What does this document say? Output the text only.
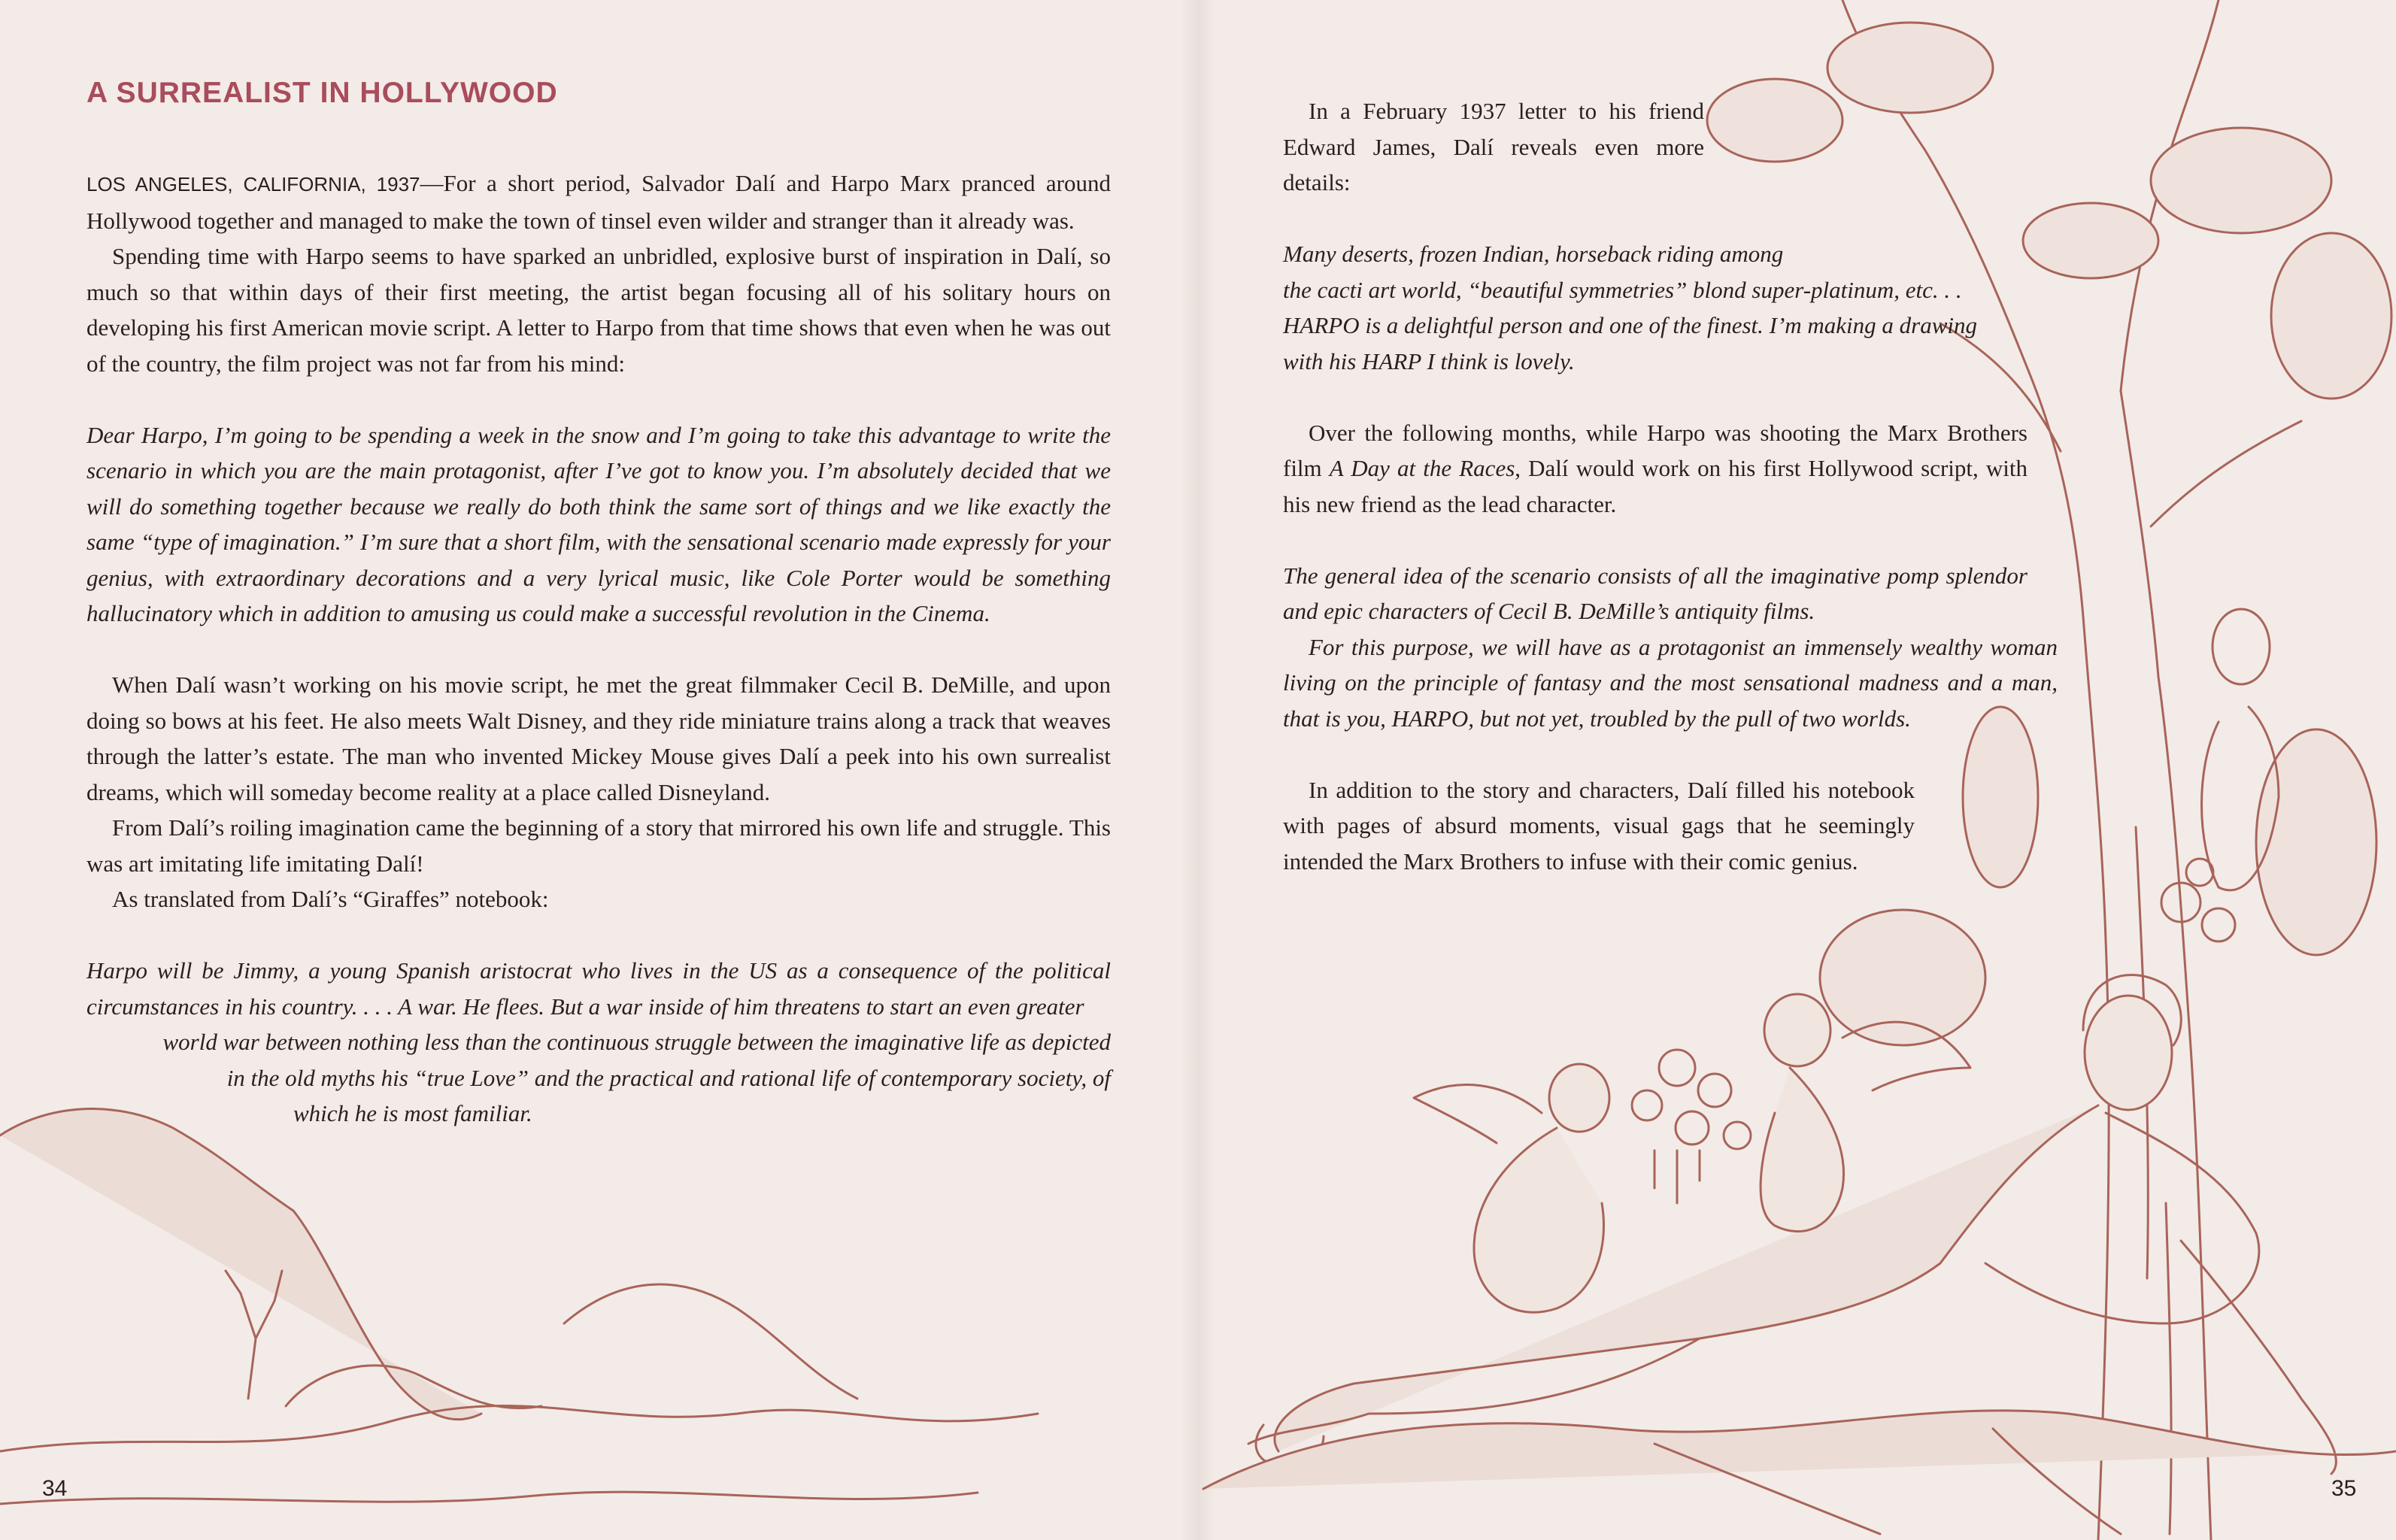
A SURREALIST IN HOLLYWOOD

LOS ANGELES, CALIFORNIA, 1937—For a short period, Salvador Dalí and Harpo Marx pranced around Hollywood together and managed to make the town of tinsel even wilder and stranger than it already was.

Spending time with Harpo seems to have sparked an unbridled, explosive burst of inspiration in Dalí, so much so that within days of their first meeting, the artist began focusing all of his solitary hours on developing his first American movie script. A letter to Harpo from that time shows that even when he was out of the country, the film project was not far from his mind:

Dear Harpo, I’m going to be spending a week in the snow and I’m going to take this advantage to write the scenario in which you are the main protagonist, after I’ve got to know you. I’m absolutely decided that we will do something together because we really do both think the same sort of things and we like exactly the same “type of imagination.” I’m sure that a short film, with the sensational scenario made expressly for your genius, with extraordinary decorations and a very lyrical music, like Cole Porter would be something hallucinatory which in addition to amusing us could make a successful revolution in the Cinema.

When Dalí wasn’t working on his movie script, he met the great filmmaker Cecil B. DeMille, and upon doing so bows at his feet. He also meets Walt Disney, and they ride miniature trains along a track that weaves through the latter’s estate. The man who invented Mickey Mouse gives Dalí a peek into his own surrealist dreams, which will someday become reality at a place called Disneyland.

From Dalí’s roiling imagination came the beginning of a story that mirrored his own life and struggle. This was art imitating life imitating Dalí!

As translated from Dalí’s “Giraffes” notebook:

Harpo will be Jimmy, a young Spanish aristocrat who lives in the US as a consequence of the political circumstances in his country. . . . A war. He flees. But a war inside of him threatens to start an even greater

world war between nothing less than the continuous struggle between the imaginative life as depicted

in the old myths his “true Love” and the practical and rational life of contemporary society, of

which he is most familiar.

In a February 1937 letter to his friend Edward James, Dalí reveals even more details:

Many deserts, frozen Indian, horseback riding among

the cacti art world, “beautiful symmetries” blond super-platinum, etc. . .

HARPO is a delightful person and one of the finest. I’m making a drawing

with his HARP I think is lovely.

Over the following months, while Harpo was shooting the Marx Brothers film A Day at the Races, Dalí would work on his first Hollywood script, with his new friend as the lead character.

The general idea of the scenario consists of all the imaginative pomp splendor and epic characters of Cecil B. DeMille’s antiquity films.

For this purpose, we will have as a protagonist an immensely wealthy woman living on the principle of fantasy and the most sensational madness and a man, that is you, HARPO, but not yet, troubled by the pull of two worlds.

In addition to the story and characters, Dalí filled his notebook with pages of absurd moments, visual gags that he seemingly intended the Marx Brothers to infuse with their comic genius.

34	35
